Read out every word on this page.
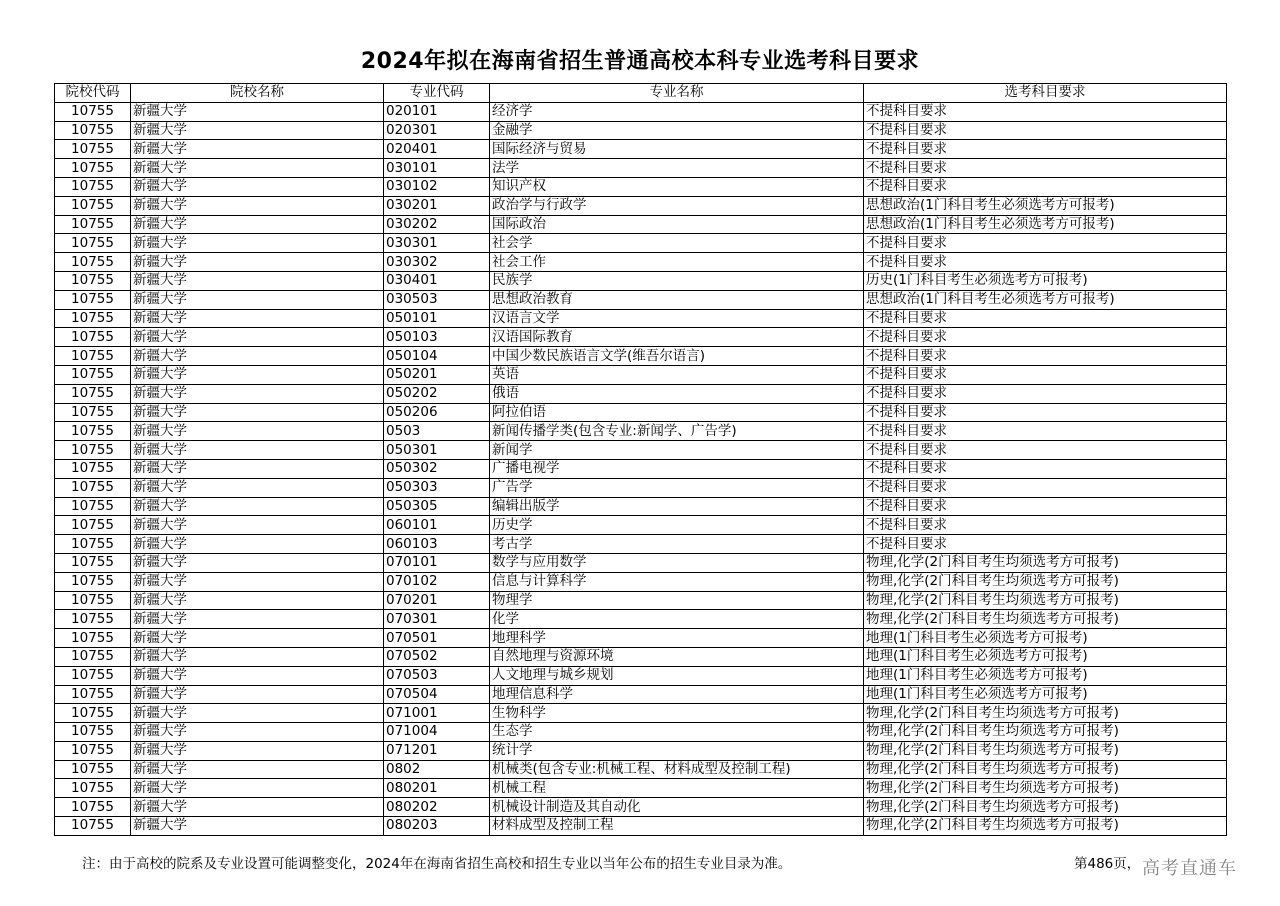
2024年拟在海南省招生普通高校本科专业选考科目要求
院校代码	院校名称	专业代码	专业名称	选考科目要求
10755	新疆大学	020101	经济学	不提科目要求
10755	新疆大学	020301	金融学	不提科目要求
10755	新疆大学	020401	国际经济与贸易	不提科目要求
10755	新疆大学	030101	法学	不提科目要求
10755	新疆大学	030102	知识产权	不提科目要求
10755	新疆大学	030201	政治学与行政学	思想政治(1门科目考生必须选考方可报考)
10755	新疆大学	030202	国际政治	思想政治(1门科目考生必须选考方可报考)
10755	新疆大学	030301	社会学	不提科目要求
10755	新疆大学	030302	社会工作	不提科目要求
10755	新疆大学	030401	民族学	历史(1门科目考生必须选考方可报考)
10755	新疆大学	030503	思想政治教育	思想政治(1门科目考生必须选考方可报考)
10755	新疆大学	050101	汉语言文学	不提科目要求
10755	新疆大学	050103	汉语国际教育	不提科目要求
10755	新疆大学	050104	中国少数民族语言文学(维吾尔语言)	不提科目要求
10755	新疆大学	050201	英语	不提科目要求
10755	新疆大学	050202	俄语	不提科目要求
10755	新疆大学	050206	阿拉伯语	不提科目要求
10755	新疆大学	0503	新闻传播学类(包含专业:新闻学、广告学)	不提科目要求
10755	新疆大学	050301	新闻学	不提科目要求
10755	新疆大学	050302	广播电视学	不提科目要求
10755	新疆大学	050303	广告学	不提科目要求
10755	新疆大学	050305	编辑出版学	不提科目要求
10755	新疆大学	060101	历史学	不提科目要求
10755	新疆大学	060103	考古学	不提科目要求
10755	新疆大学	070101	数学与应用数学	物理,化学(2门科目考生均须选考方可报考)
10755	新疆大学	070102	信息与计算科学	物理,化学(2门科目考生均须选考方可报考)
10755	新疆大学	070201	物理学	物理,化学(2门科目考生均须选考方可报考)
10755	新疆大学	070301	化学	物理,化学(2门科目考生均须选考方可报考)
10755	新疆大学	070501	地理科学	地理(1门科目考生必须选考方可报考)
10755	新疆大学	070502	自然地理与资源环境	地理(1门科目考生必须选考方可报考)
10755	新疆大学	070503	人文地理与城乡规划	地理(1门科目考生必须选考方可报考)
10755	新疆大学	070504	地理信息科学	地理(1门科目考生必须选考方可报考)
10755	新疆大学	071001	生物科学	物理,化学(2门科目考生均须选考方可报考)
10755	新疆大学	071004	生态学	物理,化学(2门科目考生均须选考方可报考)
10755	新疆大学	071201	统计学	物理,化学(2门科目考生均须选考方可报考)
10755	新疆大学	0802	机械类(包含专业:机械工程、材料成型及控制工程)	物理,化学(2门科目考生均须选考方可报考)
10755	新疆大学	080201	机械工程	物理,化学(2门科目考生均须选考方可报考)
10755	新疆大学	080202	机械设计制造及其自动化	物理,化学(2门科目考生均须选考方可报考)
10755	新疆大学	080203	材料成型及控制工程	物理,化学(2门科目考生均须选考方可报考)
注：由于高校的院系及专业设置可能调整变化，2024年在海南省招生高校和招生专业以当年公布的招生专业目录为准。	第486页， 高考直通车
